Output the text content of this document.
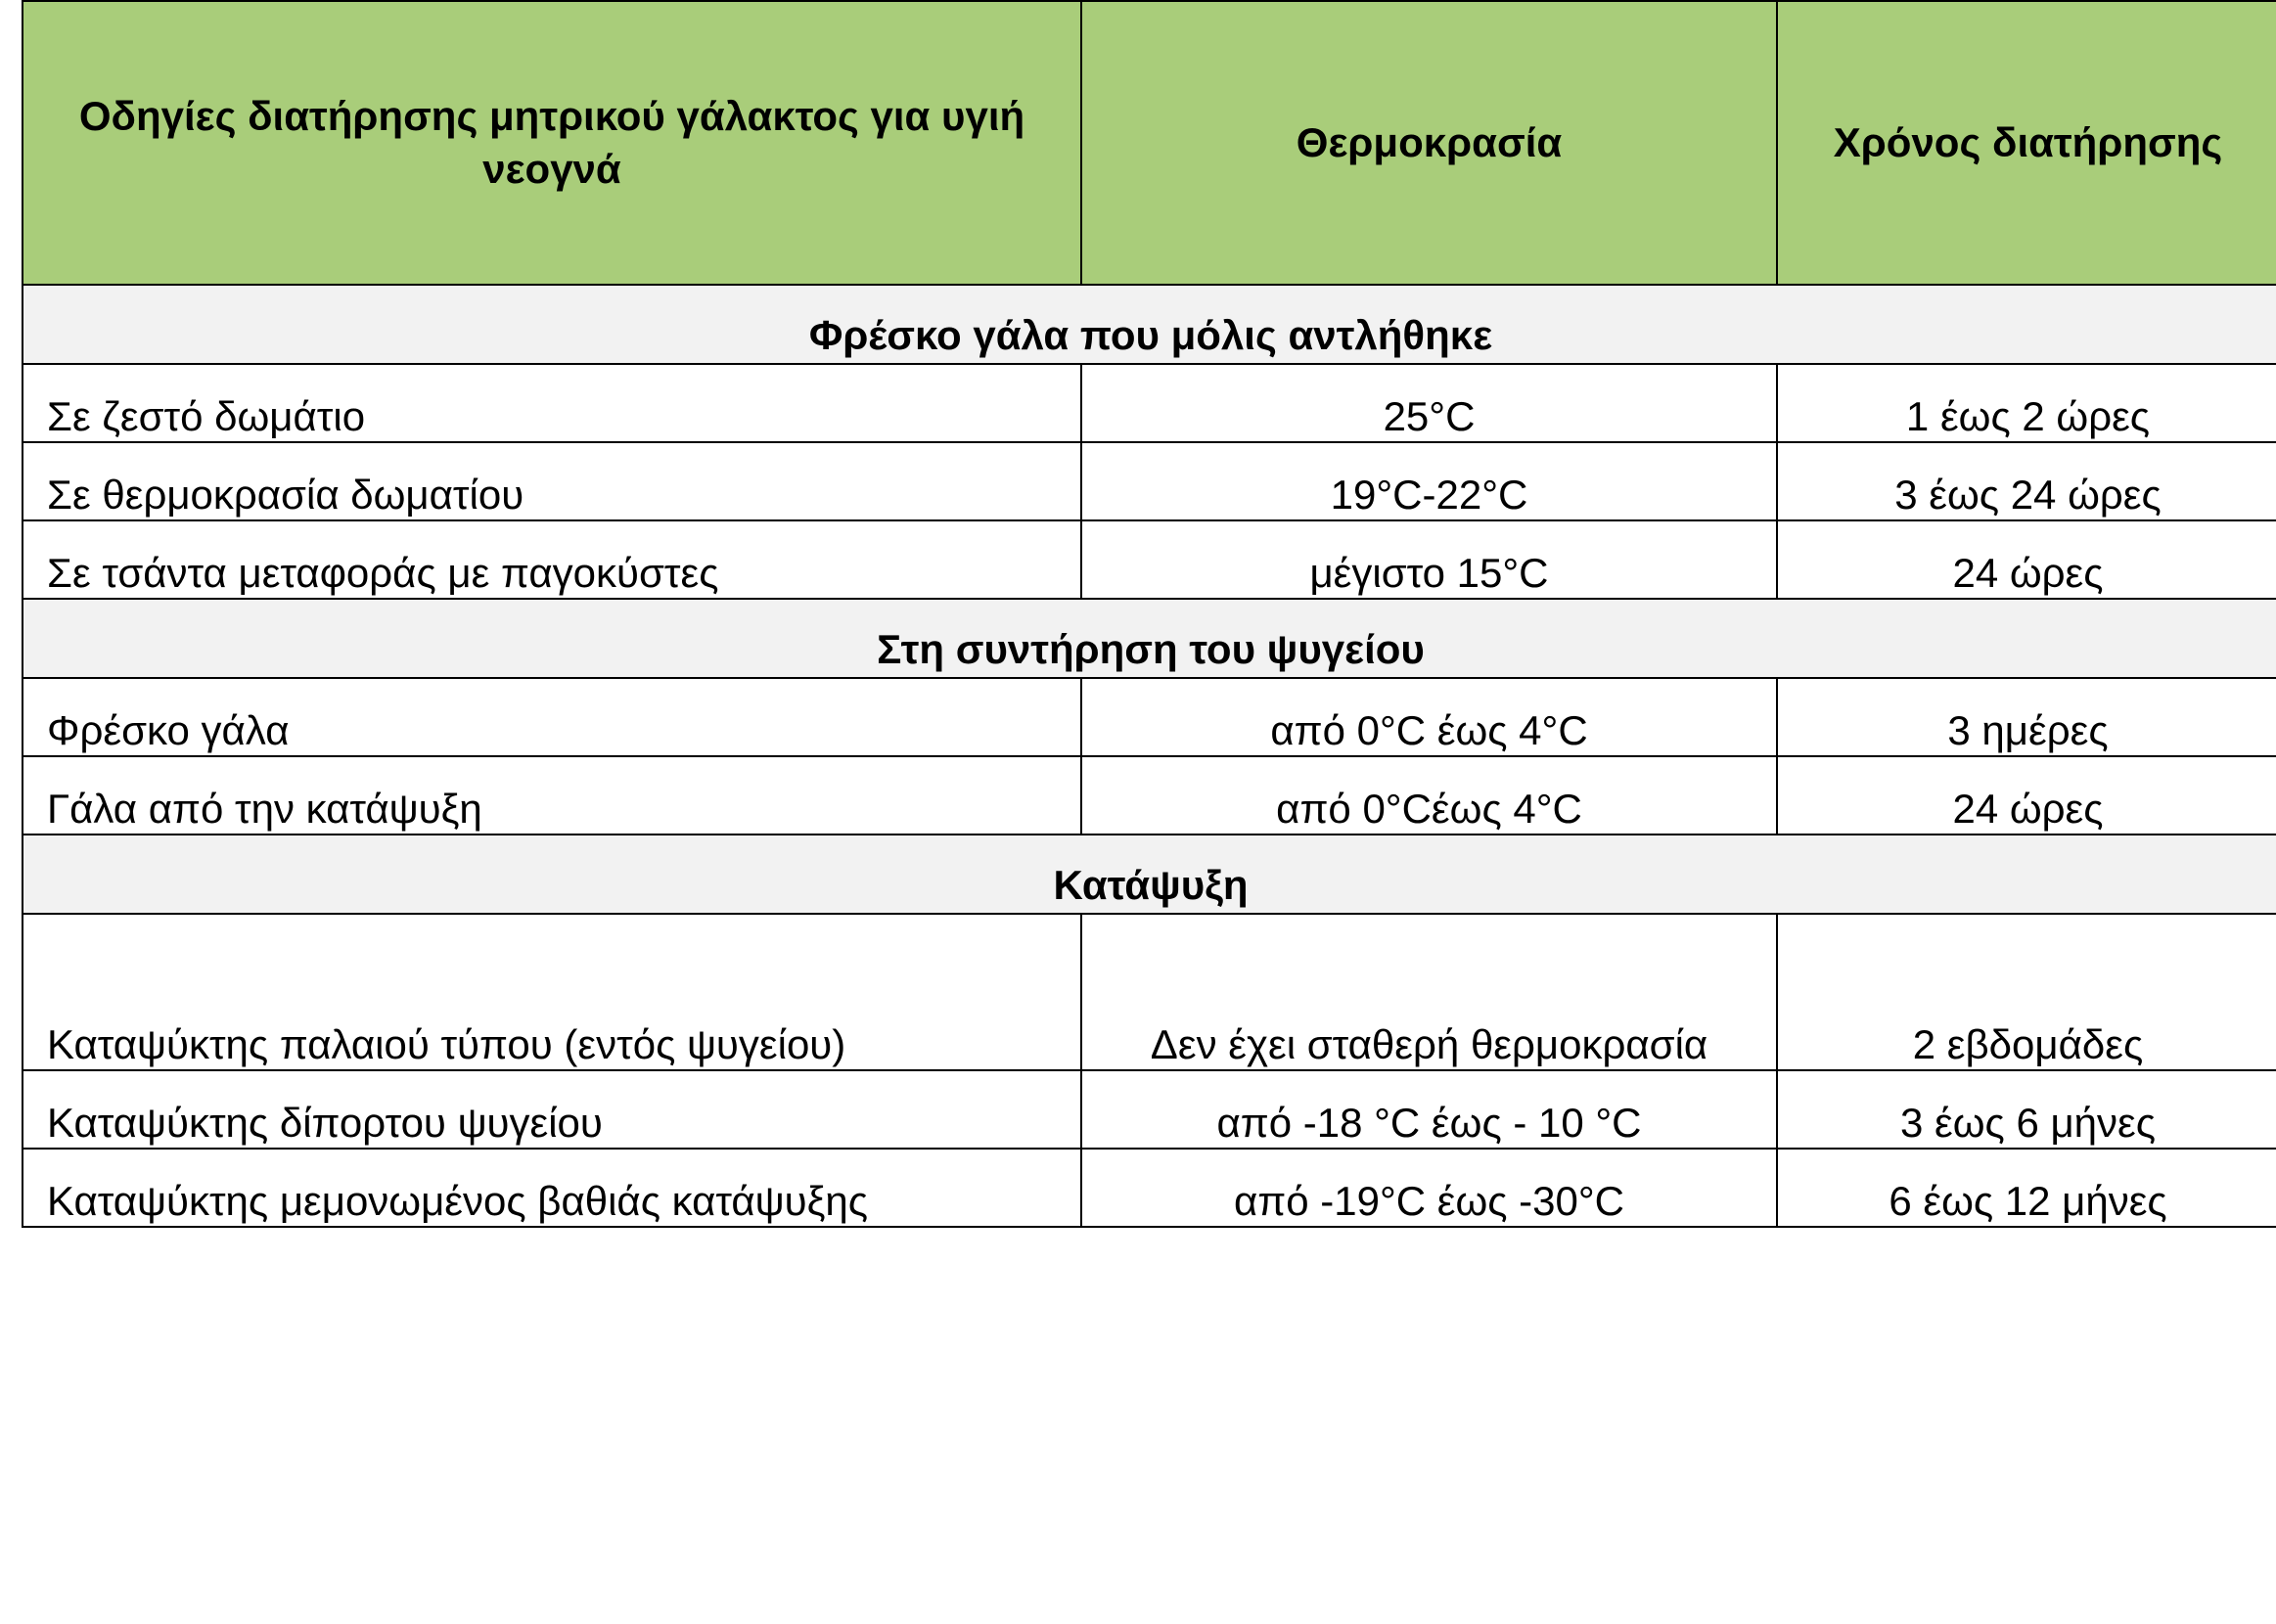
Οδηγίες διατήρησης μητρικού γάλακτος για υγιή νεογνά	Θερμοκρασία	Χρόνος διατήρησης
Φρέσκο γάλα που μόλις αντλήθηκε		
Σε ζεστό δωμάτιο	25°C	1 έως 2 ώρες
Σε θερμοκρασία δωματίου	19°C-22°C	3 έως 24 ώρες
Σε τσάντα μεταφοράς με παγοκύστες	μέγιστο 15°C	24 ώρες
Στη συντήρηση του ψυγείου		
Φρέσκο γάλα	από 0°C έως 4°C	3 ημέρες
Γάλα από την κατάψυξη	από 0°Cέως 4°C	24 ώρες
Κατάψυξη		
Καταψύκτης παλαιού τύπου (εντός ψυγείου)	Δεν έχει σταθερή θερμοκρασία	2 εβδομάδες
Καταψύκτης δίπορτου ψυγείου	από -18 °C έως - 10 °C	3 έως 6 μήνες
Καταψύκτης μεμονωμένος βαθιάς κατάψυξης	από -19°C έως -30°C	6 έως 12 μήνες
